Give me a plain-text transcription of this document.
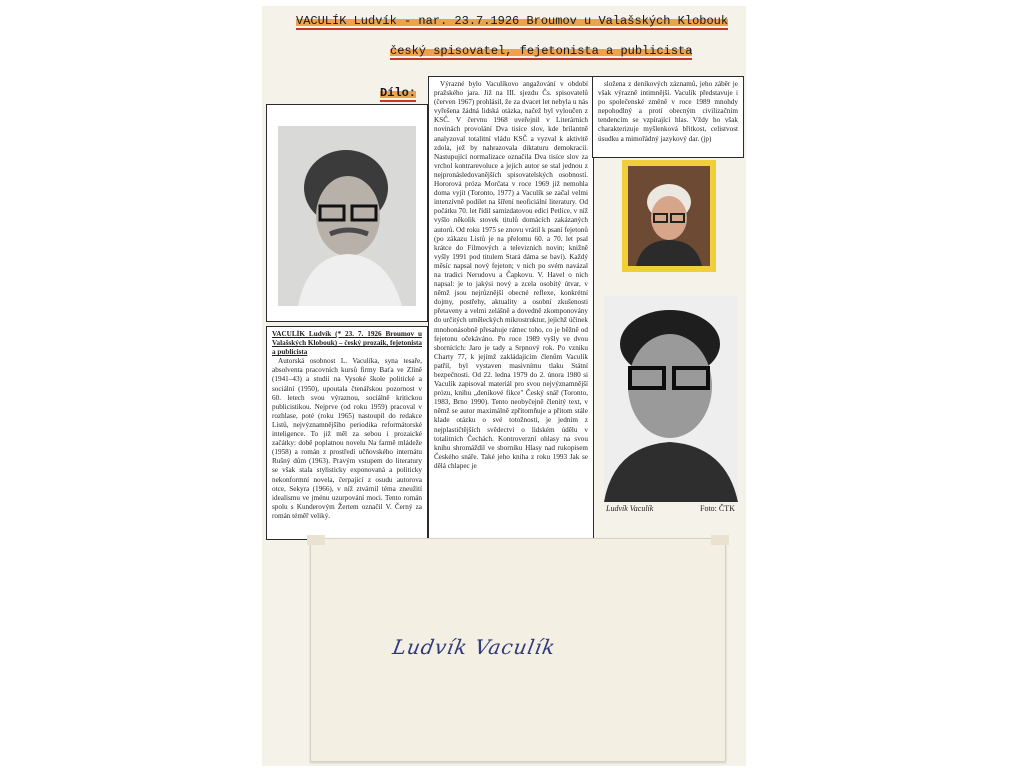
VACULÍK Ludvík - nar. 23.7.1926 Broumov u Valašských Klobouk
český spisovatel, fejetonista a publicista
Dílo:

VACULÍK Ludvík (* 23. 7. 1926 Broumov u Valašských Klobouk) – český prozaik, fejetonista a publicista

Autorská osobnost L. Vaculíka, syna tesaře, absolventa pracovních kursů firmy Baťa ve Zlíně (1941–43) a studií na Vysoké škole politické a sociální (1950), upoutala čtenářskou pozornost v 60. letech svou výraznou, sociálně kritickou publicistikou. Nejprve (od roku 1959) pracoval v rozhlase, poté (roku 1965) nastoupil do redakce Listů, nejvýznamnějšího periodika reformátorské inteligence. To již měl za sebou i prozaické začátky: době poplatnou novelu Na farmě mládeže (1958) a román z prostředí učňovského internátu Rušný dům (1963). Pravým vstupem do literatury se však stala stylisticky exponovaná a politicky nekonformní novela, čerpající z osudu autorova otce, Sekyra (1966), v níž ztvárnil téma zneužití idealismu ve jménu uzurpování moci. Tento román spolu s Kunderovým Žertem označil V. Černý za román téměř veliký.

Výrazné bylo Vaculíkovo angažování v období pražského jara. Již na III. sjezdu Čs. spisovatelů (červen 1967) prohlásil, že za dvacet let nebyla u nás vyřešena žádná lidská otázka, načež byl vyloučen z KSČ. V červnu 1968 uveřejnil v Literárních novinách provolání Dva tisíce slov, kde brilantně analyzoval totalitní vládu KSČ a vyzval k aktivitě zdola, jež by nahrazovala diktaturu demokracií. Nastupující normalizace označila Dva tisíce slov za vrchol kontrarevoluce a jejich autor se stal jednou z nejpronásledovanějších spisovatelských osobností. Hororová próza Morčata v roce 1969 již nemohla doma vyjít (Toronto, 1977) a Vaculík se začal velmi intenzívně podílet na šíření neoficiální literatury. Od počátku 70. let řídil samizdatovou edici Petlice, v níž vyšlo několik stovek titulů domácích zakázaných autorů. Od roku 1975 se znovu vrátil k psaní fejetonů (po zákazu Listů je na přelomu 60. a 70. let psal krátce do Filmových a televizních novin; knižně vyšly 1991 pod titulem Stará dáma se baví). Každý měsíc napsal nový fejeton; v nich po svém navázal na tradici Nerudovu a Čapkovu. V. Havel o nich napsal: je to jakýsi nový a zcela osobitý útvar, v němž jsou nejrůznější obecné reflexe, konkrétní dojmy, postřehy, aktuality a osobní zkušenosti přetaveny a velmi zelášně a dovedně zkomponovány do určitých uměleckých mikrostruktur, jejichž účinek mnohonásobně přesahuje rámec toho, co je běžně od fejetonu očekáváno. Po roce 1989 vyšly ve dvou sbornících: Jaro je tady a Srpnový rok. Po vzniku Charty 77, k jejímž zakládajícím členům Vaculík patřil, byl vystaven masivnímu tlaku Státní bezpečnosti. Od 22. ledna 1979 do 2. února 1980 si Vaculík zapisoval materiál pro svou nejvýznamnější prózu, knihu „deníkové fikce" Český snář (Toronto, 1983, Brno 1990). Tento neobyčejně členitý text, v němž se autor maximálně zpřítomňuje a přitom stále klade otázku o své totožnosti, je jedním z nejplastičtějších svědectví o lidském údělu v totalitních Čechách. Kontroverzní ohlasy na svou knihu shromáždil ve sborníku Hlasy nad rukopisem Českého snáře. Také jeho kniha z roku 1993 Jak se dělá chlapec je

složena z deníkových záznamů, jeho záběr je však výrazně intimnější. Vaculík představuje i po společenské změně v roce 1989 mnohdy nepohodlný a proti obecným civilizačním tendencím se vzpírající hlas. Vždy ho však charakterizuje myšlenková břitkost, celistvost úsudku a mimořádný jazykový dar. (jp)

Ludvík Vaculík	Foto: ČTK
Ludvík Vaculík
